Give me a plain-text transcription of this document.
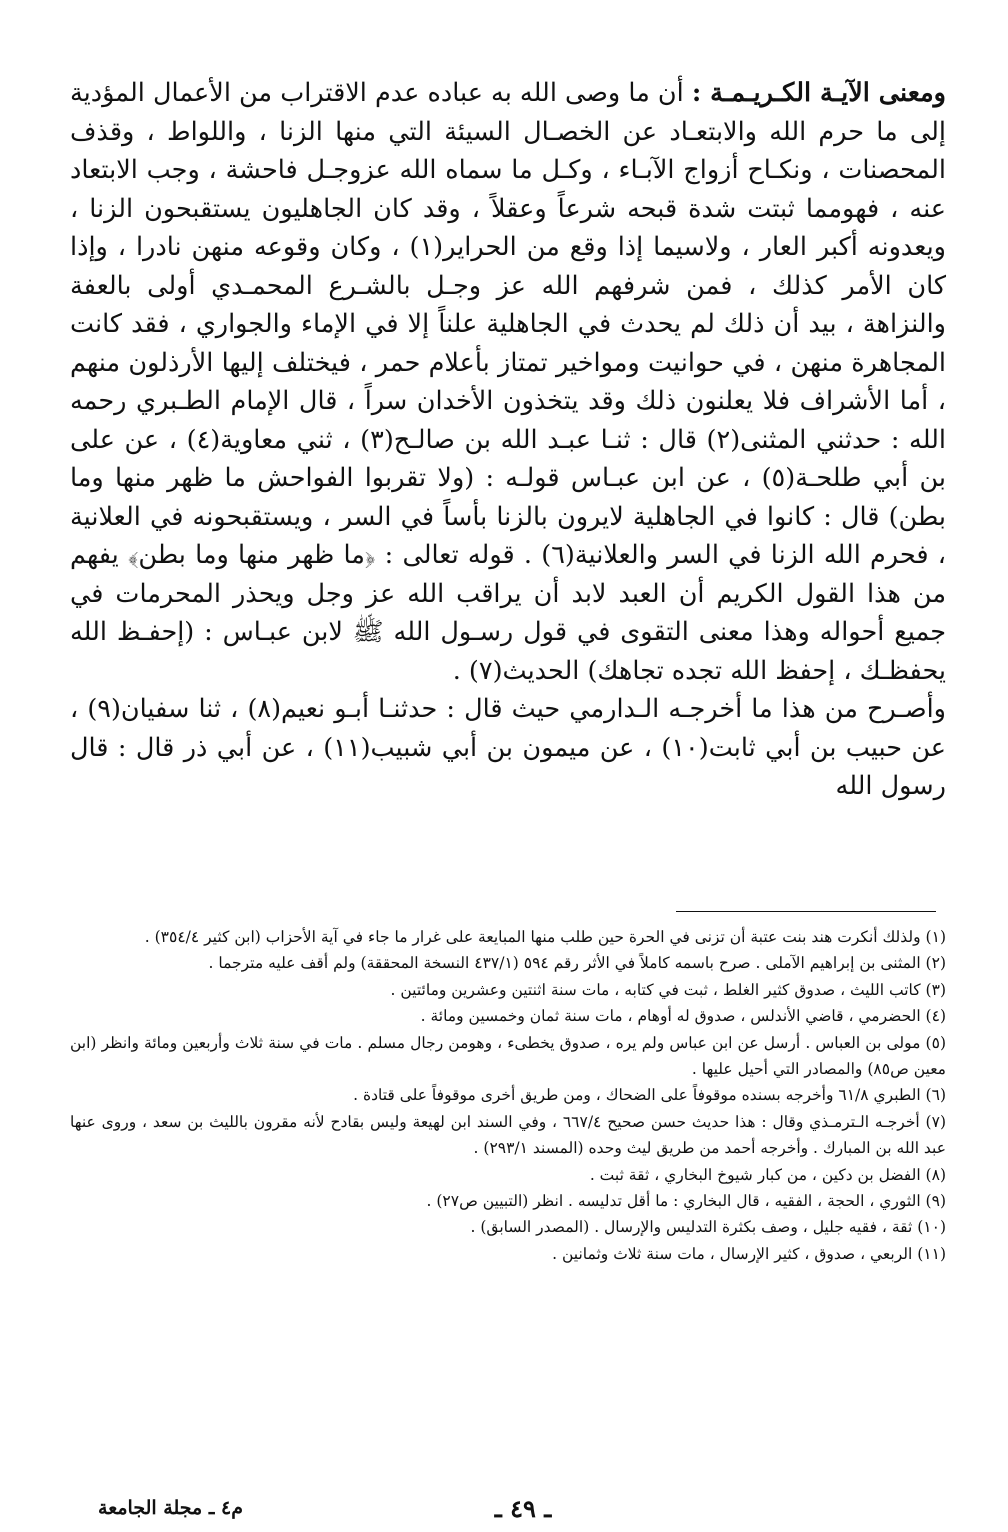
ومعنى الآيـة الكـريـمـة : أن ما وصى الله به عباده عدم الاقتراب من الأعمال المؤدية إلى ما حرم الله والابتعـاد عن الخصـال السيئة التي منها الزنا ، واللواط ، وقذف المحصنات ، ونكـاح أزواج الآبـاء ، وكـل ما سماه الله عزوجـل فاحشة ، وجب الابتعاد عنه ، فهومما ثبتت شدة قبحه شرعاً وعقلاً ، وقد كان الجاهليون يستقبحون الزنا ، ويعدونه أكبر العار ، ولاسيما إذا وقع من الحراير(١) ، وكان وقوعه منهن نادرا ، وإذا كان الأمر كذلك ، فمن شرفهم الله عز وجـل بالشـرع المحمـدي أولى بالعفة والنزاهة ، بيد أن ذلك لم يحدث في الجاهلية علناً إلا في الإماء والجواري ، فقد كانت المجاهرة منهن ، في حوانيت ومواخير تمتاز بأعلام حمر ، فيختلف إليها الأرذلون منهم ، أما الأشراف فلا يعلنون ذلك وقد يتخذون الأخدان سراً ، قال الإمام الطـبري رحمه الله : حدثني المثنى(٢) قال : ثنـا عبـد الله بن صالـح(٣) ، ثني معاوية(٤) ، عن على بن أبي طلحـة(٥) ، عن ابن عبـاس قولـه : (ولا تقربوا الفواحش ما ظهر منها وما بطن) قال : كانوا في الجاهلية لايرون بالزنا بأساً في السر ، ويستقبحونه في العلانية ، فحرم الله الزنا في السر والعلانية(٦) . قوله تعالى : ﴿ما ظهر منها وما بطن﴾ يفهم من هذا القول الكريم أن العبد لابد أن يراقب الله عز وجل ويحذر المحرمات في جميع أحواله وهذا معنى التقوى في قول رسـول الله ﷺ لابن عبـاس : (إحفـظ الله يحفظـك ، إحفظ الله تجده تجاهك) الحديث(٧) .

وأصـرح من هذا ما أخرجـه الـدارمي حيث قال : حدثنـا أبـو نعيم(٨) ، ثنا سفيان(٩) ، عن حبيب بن أبي ثابت(١٠) ، عن ميمون بن أبي شبيب(١١) ، عن أبي ذر قال : قال رسول الله

(١) ولذلك أنكرت هند بنت عتبة أن تزنى في الحرة حين طلب منها المبايعة على غرار ما جاء في آية الأحزاب (ابن كثير ٣٥٤/٤) .

(٢) المثنى بن إبراهيم الآملى . صرح باسمه كاملاً في الأثر رقم ٥٩٤ (٤٣٧/١ النسخة المحققة) ولم أقف عليه مترجما .

(٣) كاتب الليث ، صدوق كثير الغلط ، ثبت في كتابه ، مات سنة اثنتين وعشرين ومائتين .

(٤) الحضرمي ، قاضي الأندلس ، صدوق له أوهام ، مات سنة ثمان وخمسين ومائة .

(٥) مولى بن العباس . أرسل عن ابن عباس ولم يره ، صدوق يخطىء ، وهومن رجال مسلم . مات في سنة ثلاث وأربعين ومائة وانظر (ابن معين ص٨٥) والمصادر التي أحيل عليها .

(٦) الطبري ٦١/٨ وأخرجه بسنده موقوفاً على الضحاك ، ومن طريق أخرى موقوفاً على قتادة .

(٧) أخرجـه الـترمـذي وقال : هذا حديث حسن صحيح ٦٦٧/٤ ، وفي السند ابن لهيعة وليس بقادح لأنه مقرون بالليث بن سعد ، وروى عنها عبد الله بن المبارك . وأخرجه أحمد من طريق ليث وحده (المسند ٢٩٣/١) .

(٨) الفضل بن دكين ، من كبار شيوخ البخاري ، ثقة ثبت .

(٩) الثوري ، الحجة ، الفقيه ، قال البخاري : ما أقل تدليسه . انظر (التبيين ص٢٧) .

(١٠) ثقة ، فقيه جليل ، وصف بكثرة التدليس والإرسال . (المصدر السابق) .

(١١) الربعي ، صدوق ، كثير الإرسال ، مات سنة ثلاث وثمانين .

م٤ ـ مجلة الجامعة	ـ ٤٩ ـ
